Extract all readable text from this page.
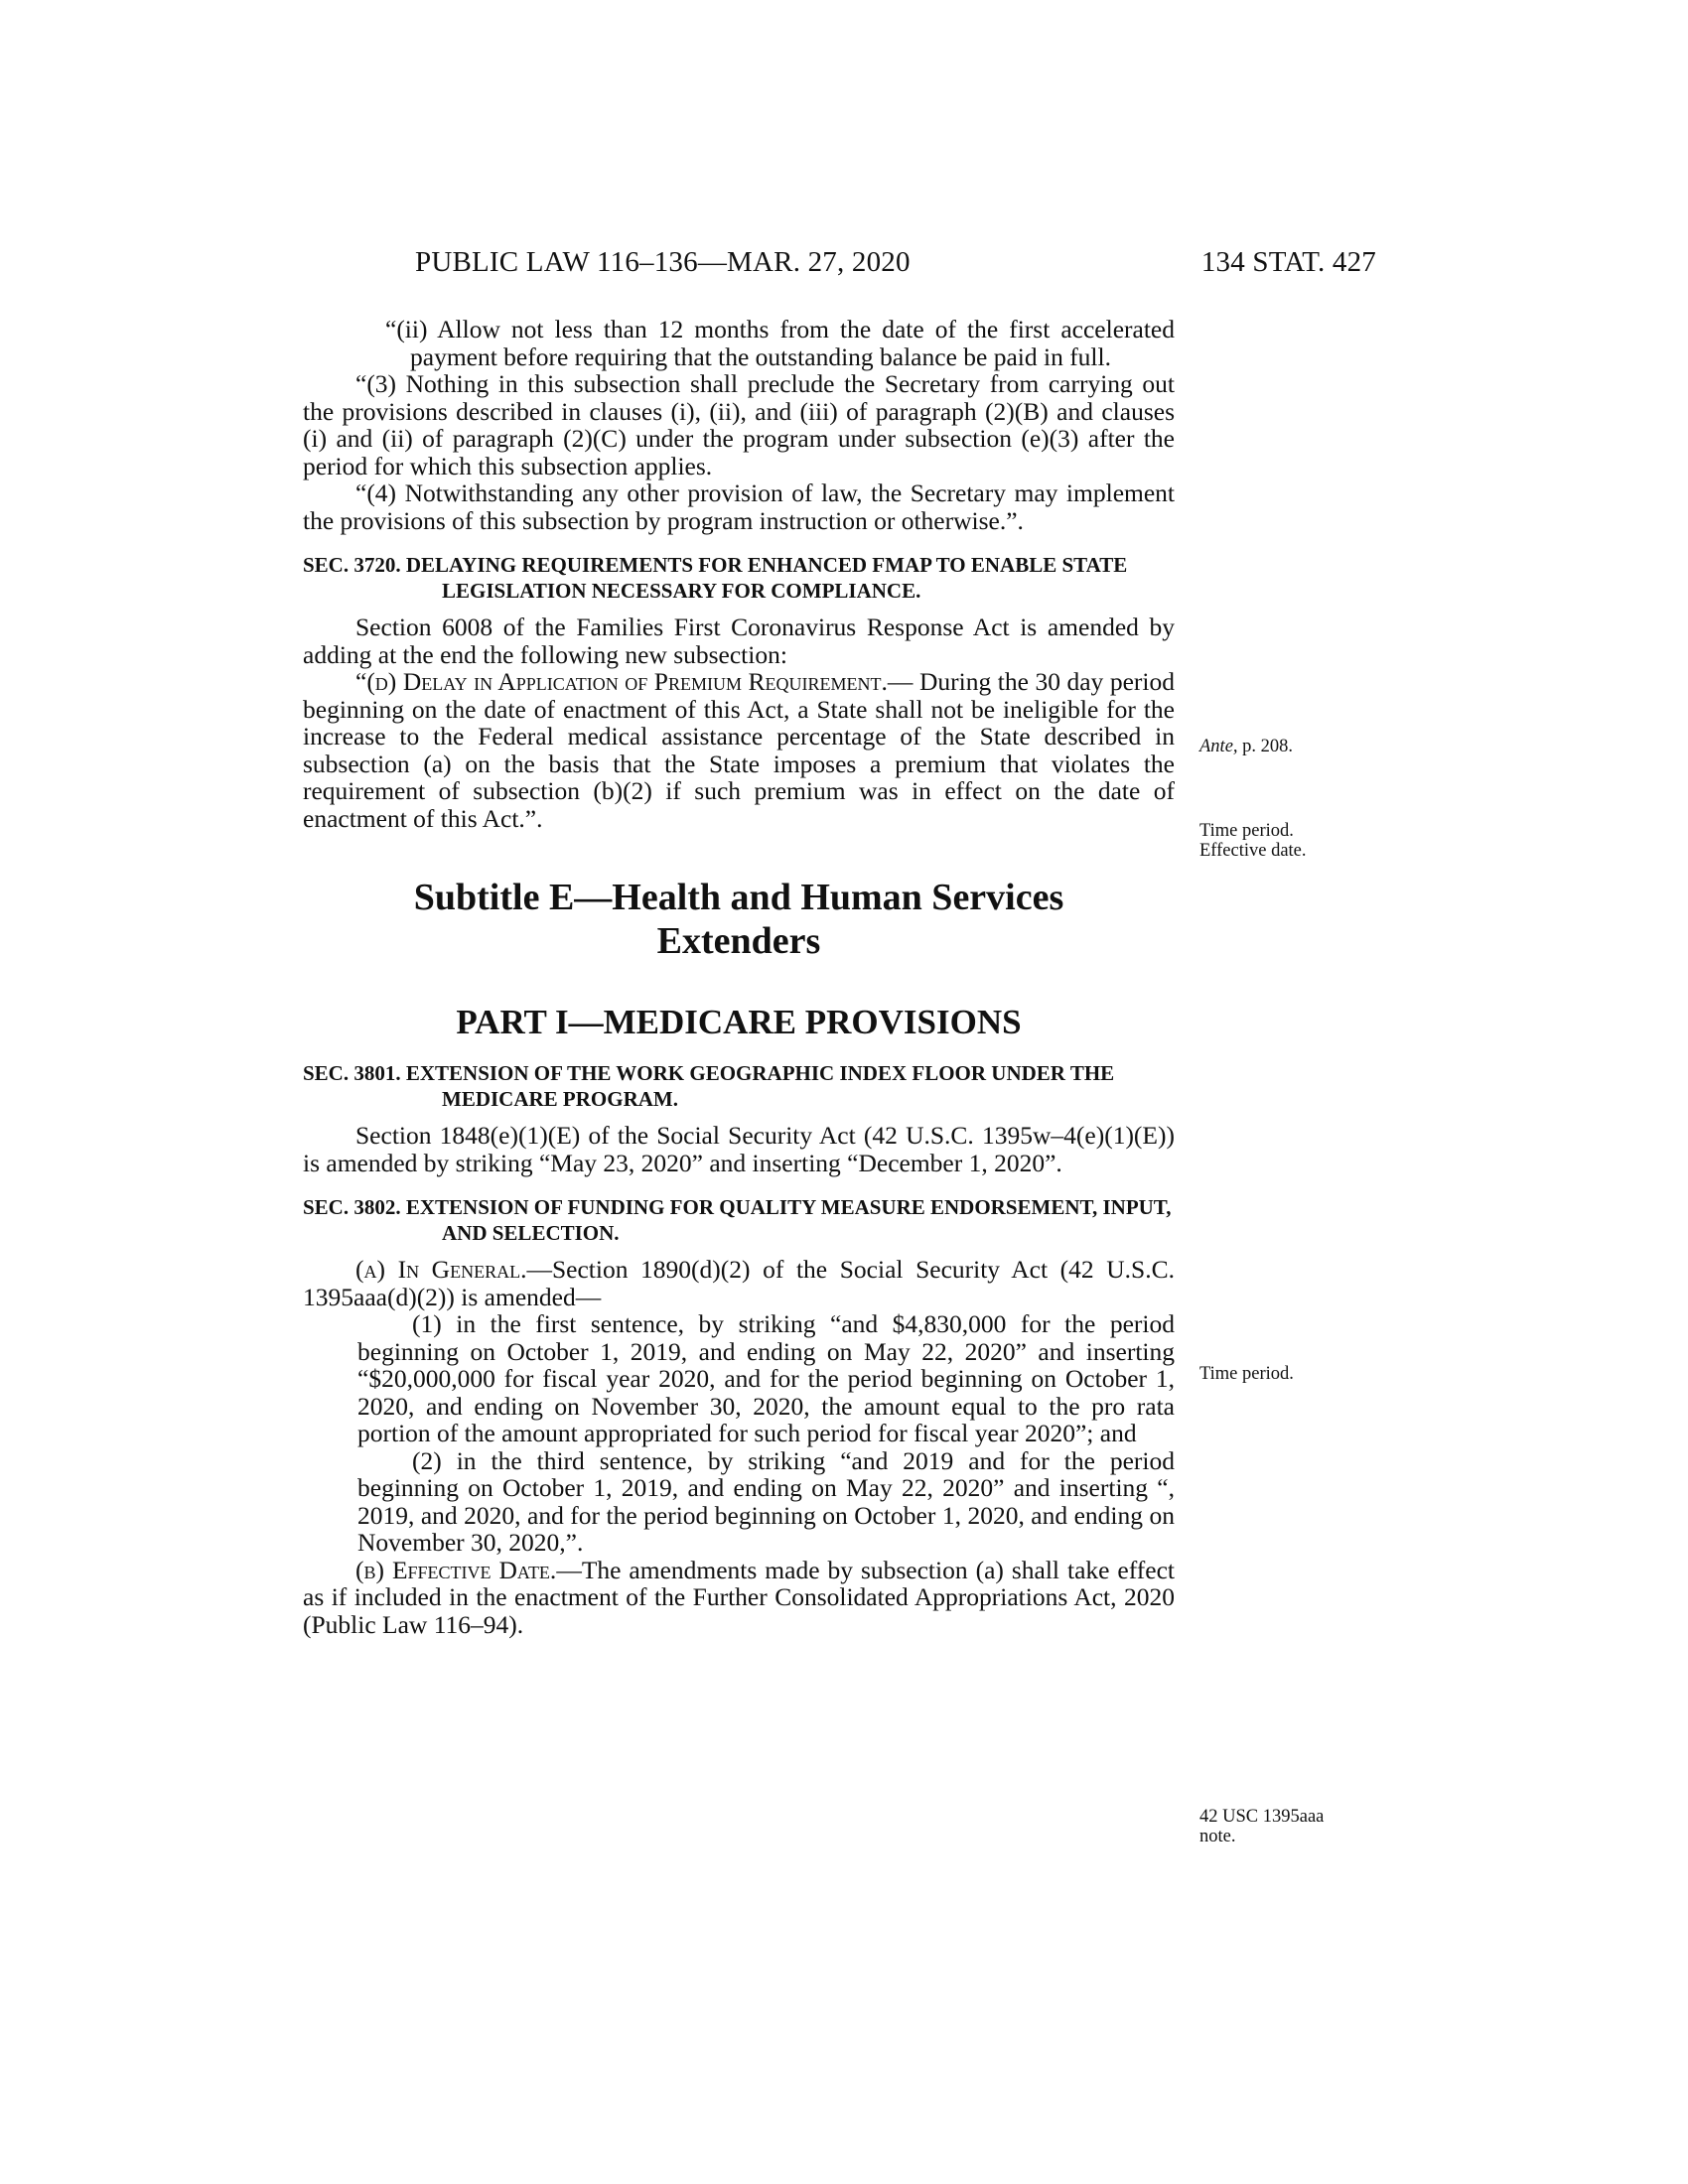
PUBLIC LAW 116–136—MAR. 27, 2020	134 STAT. 427

“(ii) Allow not less than 12 months from the date of the first accelerated payment before requiring that the outstanding balance be paid in full.

“(3) Nothing in this subsection shall preclude the Secretary from carrying out the provisions described in clauses (i), (ii), and (iii) of paragraph (2)(B) and clauses (i) and (ii) of paragraph (2)(C) under the program under subsection (e)(3) after the period for which this subsection applies.

“(4) Notwithstanding any other provision of law, the Secretary may implement the provisions of this subsection by program instruction or otherwise.”.

SEC. 3720. DELAYING REQUIREMENTS FOR ENHANCED FMAP TO ENABLE STATE LEGISLATION NECESSARY FOR COMPLIANCE.

Section 6008 of the Families First Coronavirus Response Act is amended by adding at the end the following new subsection:

“(d) Delay in Application of Premium Requirement.— During the 30 day period beginning on the date of enactment of this Act, a State shall not be ineligible for the increase to the Federal medical assistance percentage of the State described in subsection (a) on the basis that the State imposes a premium that violates the requirement of subsection (b)(2) if such premium was in effect on the date of enactment of this Act.”.

Subtitle E—Health and Human Services
Extenders
PART I—MEDICARE PROVISIONS

SEC. 3801. EXTENSION OF THE WORK GEOGRAPHIC INDEX FLOOR UNDER THE MEDICARE PROGRAM.

Section 1848(e)(1)(E) of the Social Security Act (42 U.S.C. 1395w–4(e)(1)(E)) is amended by striking “May 23, 2020” and inserting “December 1, 2020”.

SEC. 3802. EXTENSION OF FUNDING FOR QUALITY MEASURE ENDORSEMENT, INPUT, AND SELECTION.

(a) In General.—Section 1890(d)(2) of the Social Security Act (42 U.S.C. 1395aaa(d)(2)) is amended—

(1) in the first sentence, by striking “and $4,830,000 for the period beginning on October 1, 2019, and ending on May 22, 2020” and inserting “$20,000,000 for fiscal year 2020, and for the period beginning on October 1, 2020, and ending on November 30, 2020, the amount equal to the pro rata portion of the amount appropriated for such period for fiscal year 2020”; and

(2) in the third sentence, by striking “and 2019 and for the period beginning on October 1, 2019, and ending on May 22, 2020” and inserting “, 2019, and 2020, and for the period beginning on October 1, 2020, and ending on November 30, 2020,”.

(b) Effective Date.—The amendments made by subsection (a) shall take effect as if included in the enactment of the Further Consolidated Appropriations Act, 2020 (Public Law 116–94).

Ante, p. 208.
Time period.
Effective date.
Time period.
42 USC 1395aaa
note.
